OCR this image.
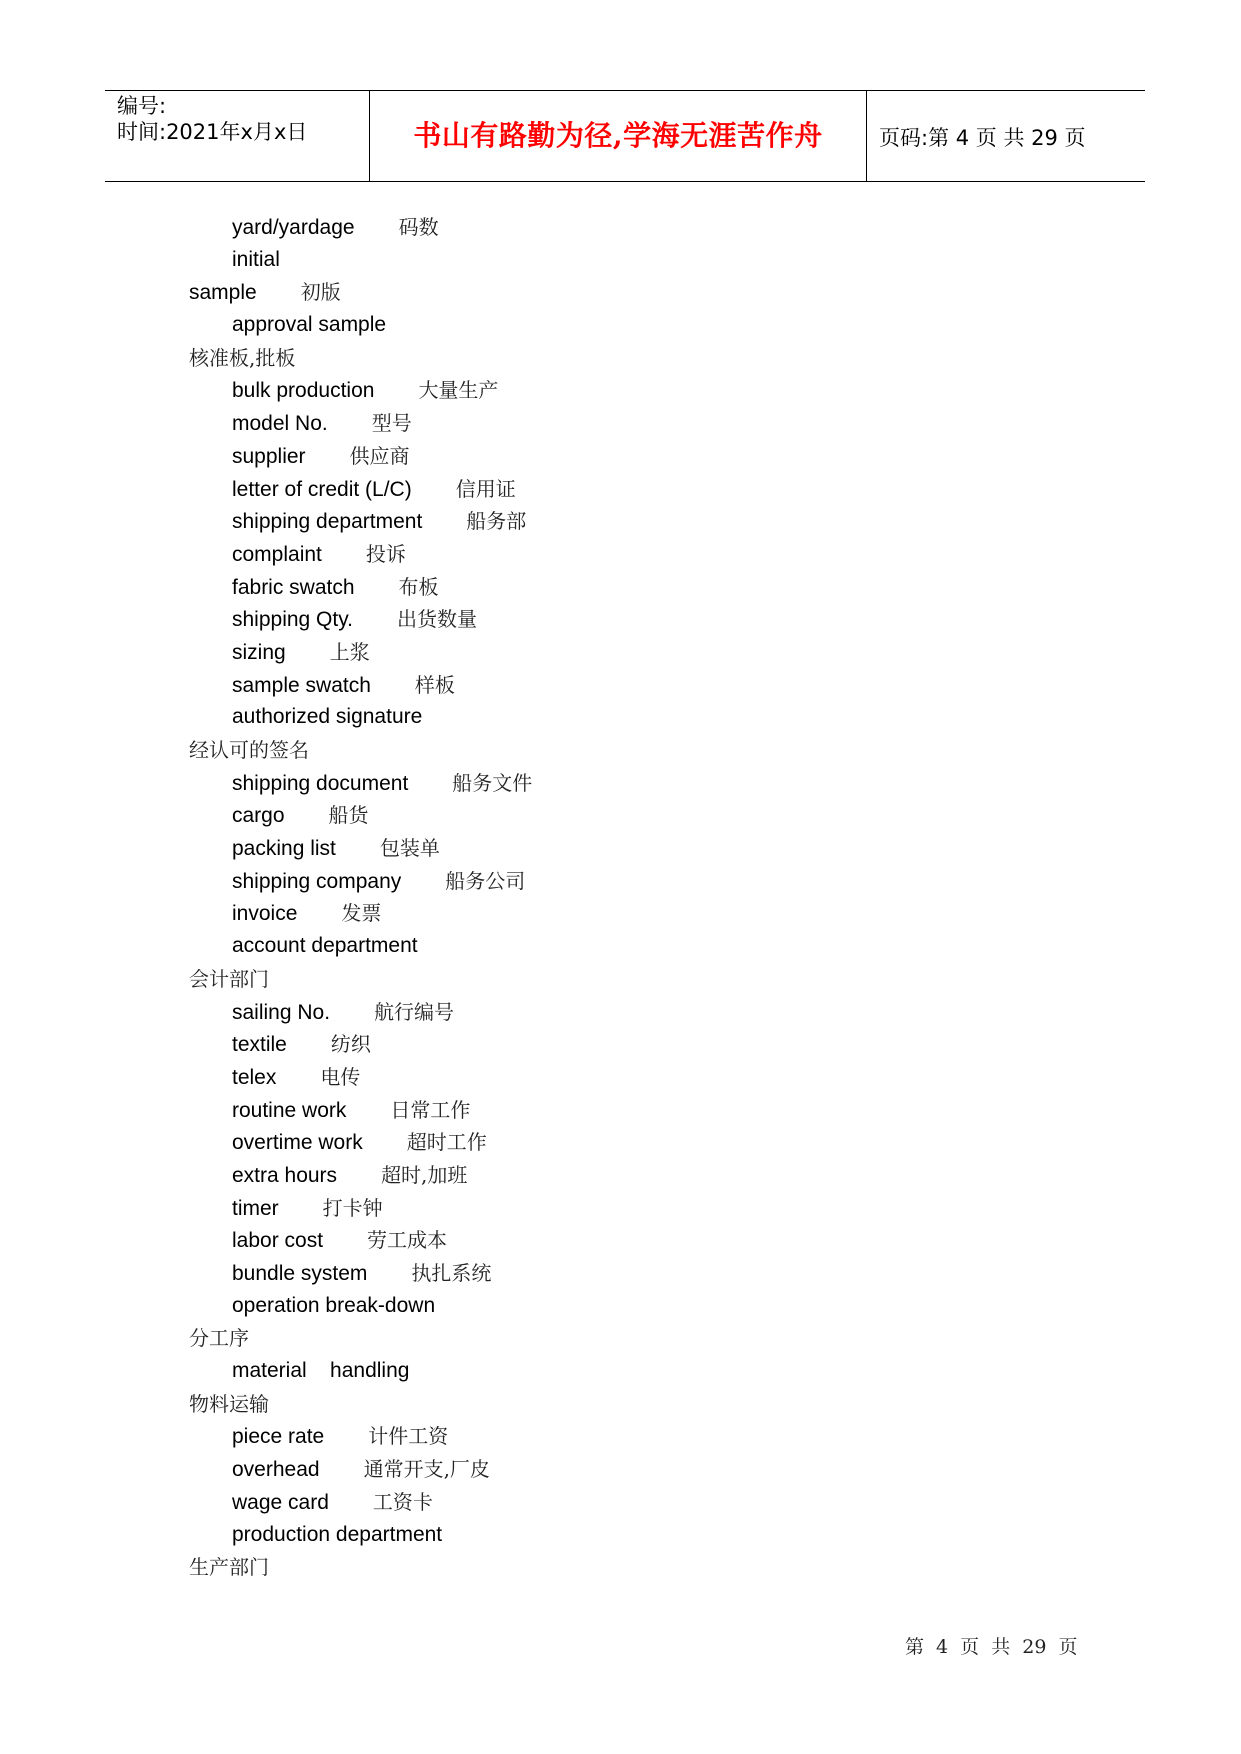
编号:
时间:2021年x月x日	书山有路勤为径,学海无涯苦作舟	页码:第 4 页 共 29 页
yard/yardage 码数
initial
sample 初版
approval sample
核准板,批板
bulk production 大量生产
model No. 型号
supplier 供应商
letter of credit (L/C) 信用证
shipping department 船务部
complaint 投诉
fabric swatch 布板
shipping Qty. 出货数量
sizing 上浆
sample swatch 样板
authorized signature
经认可的签名
shipping document 船务文件
cargo 船货
packing list 包装单
shipping company 船务公司
invoice 发票
account department
会计部门
sailing No. 航行编号
textile 纺织
telex 电传
routine work 日常工作
overtime work 超时工作
extra hours 超时,加班
timer 打卡钟
labor cost 劳工成本
bundle system 执扎系统
operation break-down
分工序
material    handling
物料运输
piece rate 计件工资
overhead 通常开支,厂皮
wage card 工资卡
production department
生产部门
第 4 页 共 29 页
